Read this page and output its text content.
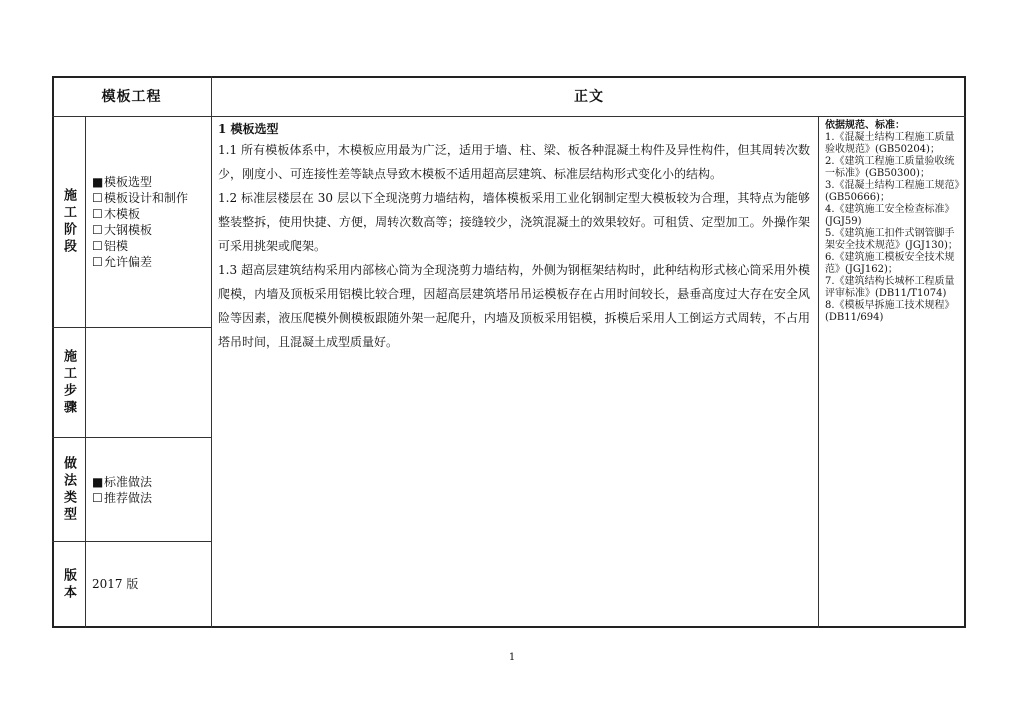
模板工程	正文
施工阶段
施工步骤
做法类型
版本
■模板选型
☐模板设计和制作
☐木模板
☐大钢模板
☐铝模
☐允许偏差
■标准做法
☐推荐做法
2017 版
1 模板选型

1.1 所有模板体系中，木模板应用最为广泛，适用于墙、柱、梁、板各种混凝土构件及异性构件，但其周转次数少，刚度小、可连接性差等缺点导致木模板不适用超高层建筑、标准层结构形式变化小的结构。

1.2 标准层楼层在 30 层以下全现浇剪力墙结构，墙体模板采用工业化钢制定型大模板较为合理，其特点为能够整装整拆，使用快捷、方便，周转次数高等；接缝较少，浇筑混凝土的效果较好。可租赁、定型加工。外操作架可采用挑架或爬架。

1.3 超高层建筑结构采用内部核心筒为全现浇剪力墙结构，外侧为钢框架结构时，此种结构形式核心筒采用外模爬模，内墙及顶板采用铝模比较合理，因超高层建筑塔吊吊运模板存在占用时间较长，悬垂高度过大存在安全风险等因素，液压爬模外侧模板跟随外架一起爬升，内墙及顶板采用铝模，拆模后采用人工倒运方式周转，不占用塔吊时间，且混凝土成型质量好。

依据规范、标准：

1.《混凝土结构工程施工质量验收规范》(GB50204)；

2.《建筑工程施工质量验收统一标准》(GB50300)；

3.《混凝土结构工程施工规范》(GB50666)；

4.《建筑施工安全检查标准》(JGJ59)

5.《建筑施工扣件式钢管脚手架安全技术规范》(JGJ130)；

6.《建筑施工模板安全技术规范》(JGJ162)；

7.《建筑结构长城杯工程质量评审标准》(DB11/T1074)

8.《模板早拆施工技术规程》(DB11/694)

1
